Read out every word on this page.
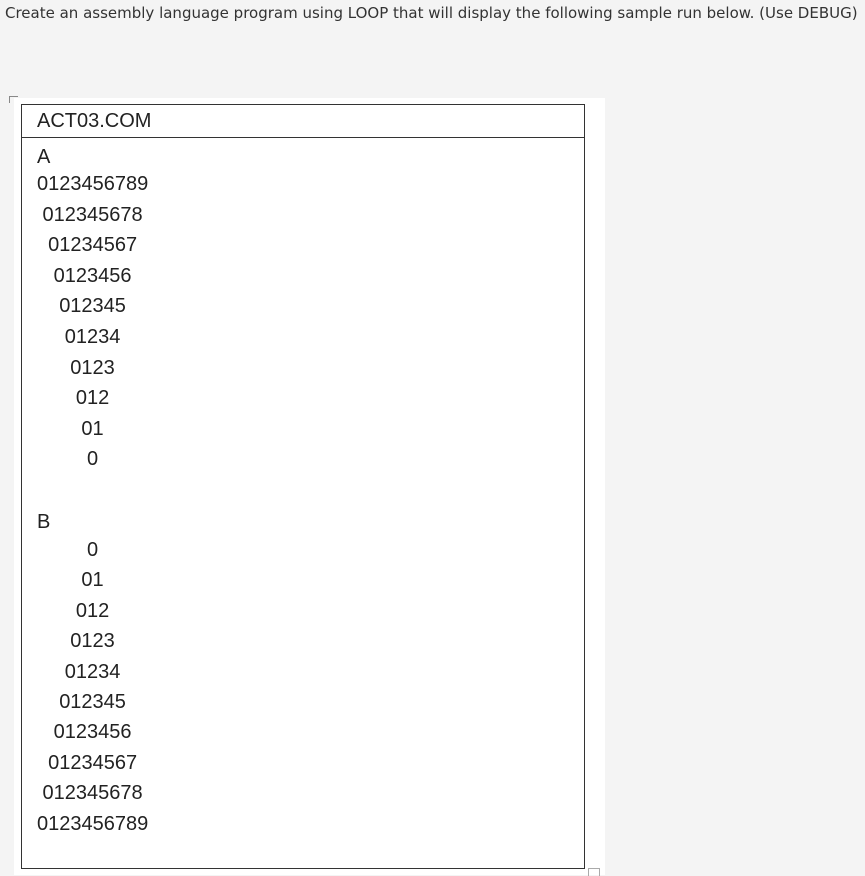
Create an assembly language program using LOOP that will display the following sample run below. (Use DEBUG)
ACT03.COM
A
0123456789
012345678
01234567
0123456
012345
01234
0123
012
01
0
B
0
01
012
0123
01234
012345
0123456
01234567
012345678
0123456789
